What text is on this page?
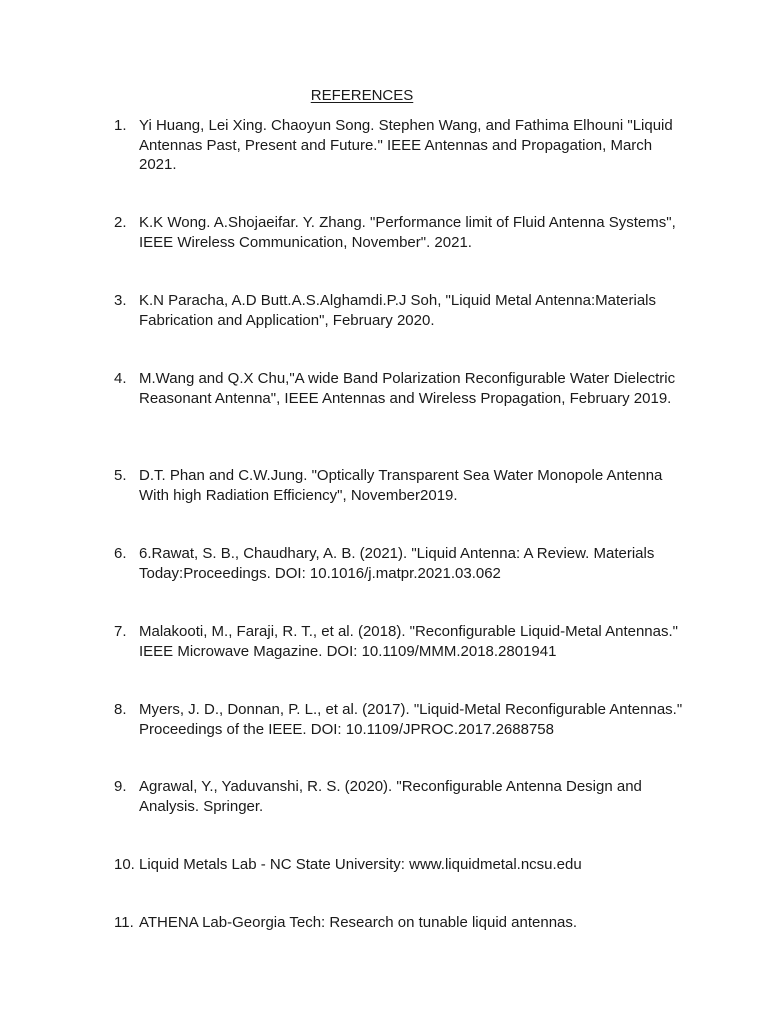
REFERENCES
1. Yi Huang, Lei Xing. Chaoyun Song. Stephen Wang, and Fathima Elhouni "Liquid Antennas Past, Present and Future." IEEE Antennas and Propagation, March 2021.
2. K.K Wong. A.Shojaeifar. Y. Zhang. "Performance limit of Fluid Antenna Systems", IEEE Wireless Communication, November". 2021.
3. K.N Paracha, A.D Butt.A.S.Alghamdi.P.J Soh, "Liquid Metal Antenna:Materials Fabrication and Application", February 2020.
4. M.Wang and Q.X Chu,"A wide Band Polarization Reconfigurable Water Dielectric Reasonant Antenna", IEEE Antennas and Wireless Propagation, February 2019.
5. D.T. Phan and C.W.Jung. "Optically Transparent Sea Water Monopole Antenna    With high Radiation Efficiency", November2019.
6. 6.Rawat, S. B., Chaudhary, A. B. (2021). "Liquid Antenna: A Review. Materials Today:Proceedings. DOI: 10.1016/j.matpr.2021.03.062
7. Malakooti, M., Faraji, R. T., et al. (2018). "Reconfigurable Liquid-Metal Antennas." IEEE Microwave Magazine. DOI: 10.1109/MMM.2018.2801941
8. Myers, J. D., Donnan, P. L., et al. (2017). "Liquid-Metal Reconfigurable Antennas." Proceedings of the IEEE. DOI: 10.1109/JPROC.2017.2688758
9. Agrawal, Y., Yaduvanshi, R. S. (2020). "Reconfigurable Antenna Design and Analysis. Springer.
10. Liquid Metals Lab - NC State University: www.liquidmetal.ncsu.edu
11. ATHENA Lab-Georgia Tech: Research on tunable liquid antennas.
